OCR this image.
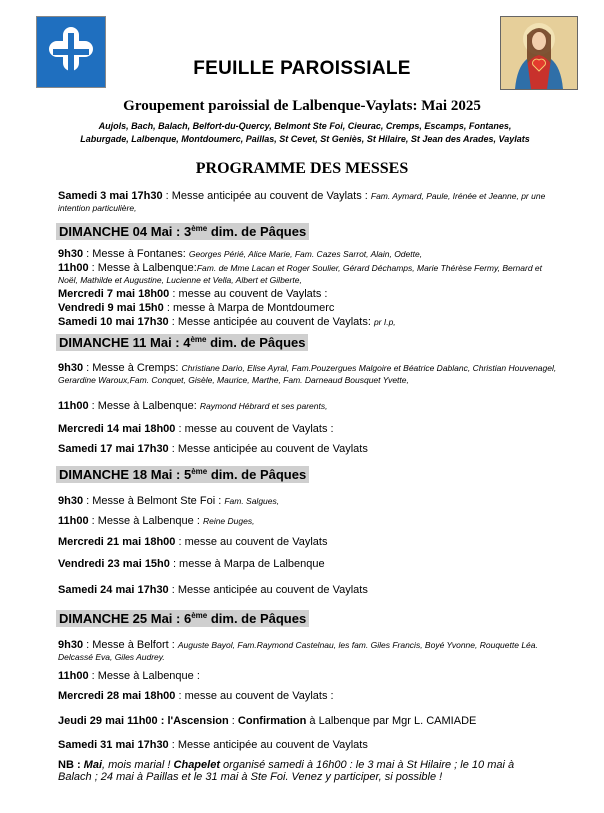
FEUILLE PAROISSIALE
Groupement paroissial de Lalbenque-Vaylats: Mai 2025
Aujols, Bach, Balach, Belfort-du-Quercy, Belmont Ste Foi, Cieurac, Cremps, Escamps, Fontanes,
Laburgade, Lalbenque, Montdoumerc, Paillas, St Cevet, St Geniès, St Hilaire, St Jean des Arades, Vaylats
PROGRAMME DES MESSES
Samedi 3 mai 17h30 : Messe anticipée au couvent de Vaylats : Fam. Aymard, Paule, Irénée et Jeanne, pr une intention particulière,
DIMANCHE 04 Mai : 3ème dim. de Pâques
9h30 : Messe à Fontanes: Georges Périé, Alice Marie, Fam. Cazes Sarrot, Alain, Odette,
11h00 : Messe à Lalbenque:Fam. de Mme Lacan et Roger Soulier, Gérard Déchamps, Marie Thérèse Fermy, Bernard et Noël, Mathilde et Augustine, Lucienne et Vella, Albert et Gilberte,
Mercredi 7 mai 18h00 : messe au couvent de Vaylats :
Vendredi 9 mai 15h0 : messe à Marpa de Montdoumerc
Samedi 10 mai 17h30 : Messe anticipée au couvent de Vaylats: pr I.p,
DIMANCHE 11 Mai : 4ème dim. de Pâques
9h30 : Messe à Cremps: Christiane Dario, Elise Ayral, Fam.Pouzergues Malgoire et Béatrice Dablanc, Christian Houvenagel, Gerardine Waroux,Fam. Conquet, Gisèle, Maurice, Marthe, Fam. Darneaud Bousquet Yvette,
11h00 : Messe à Lalbenque: Raymond Hébrard et ses parents,
Mercredi 14 mai 18h00 : messe au couvent de Vaylats :
Samedi 17 mai 17h30 : Messe anticipée au couvent de Vaylats
DIMANCHE 18 Mai : 5ème dim. de Pâques
9h30 : Messe à Belmont Ste Foi : Fam. Salgues,
11h00 : Messe à Lalbenque : Reine Duges,
Mercredi 21 mai 18h00 : messe au couvent de Vaylats
Vendredi 23 mai 15h0 : messe à Marpa de Lalbenque
Samedi 24 mai 17h30 : Messe anticipée au couvent de Vaylats
DIMANCHE 25 Mai : 6ème dim. de Pâques
9h30 : Messe à Belfort : Auguste Bayol, Fam.Raymond Castelnau, les fam. Giles Francis, Boyé Yvonne, Rouquette Léa. Delcassé Eva, Giles Audrey.
11h00 : Messe à Lalbenque :
Mercredi 28 mai 18h00 : messe au couvent de Vaylats :
Jeudi 29 mai 11h00 : l'Ascension : Confirmation à Lalbenque par Mgr L. CAMIADE
Samedi 31 mai 17h30 : Messe anticipée au couvent de Vaylats
NB : Mai, mois marial ! Chapelet organisé samedi à 16h00 : le 3 mai à St Hilaire ; le 10 mai à Balach ; 24 mai à Paillas et le 31 mai à Ste Foi. Venez y participer, si possible !
